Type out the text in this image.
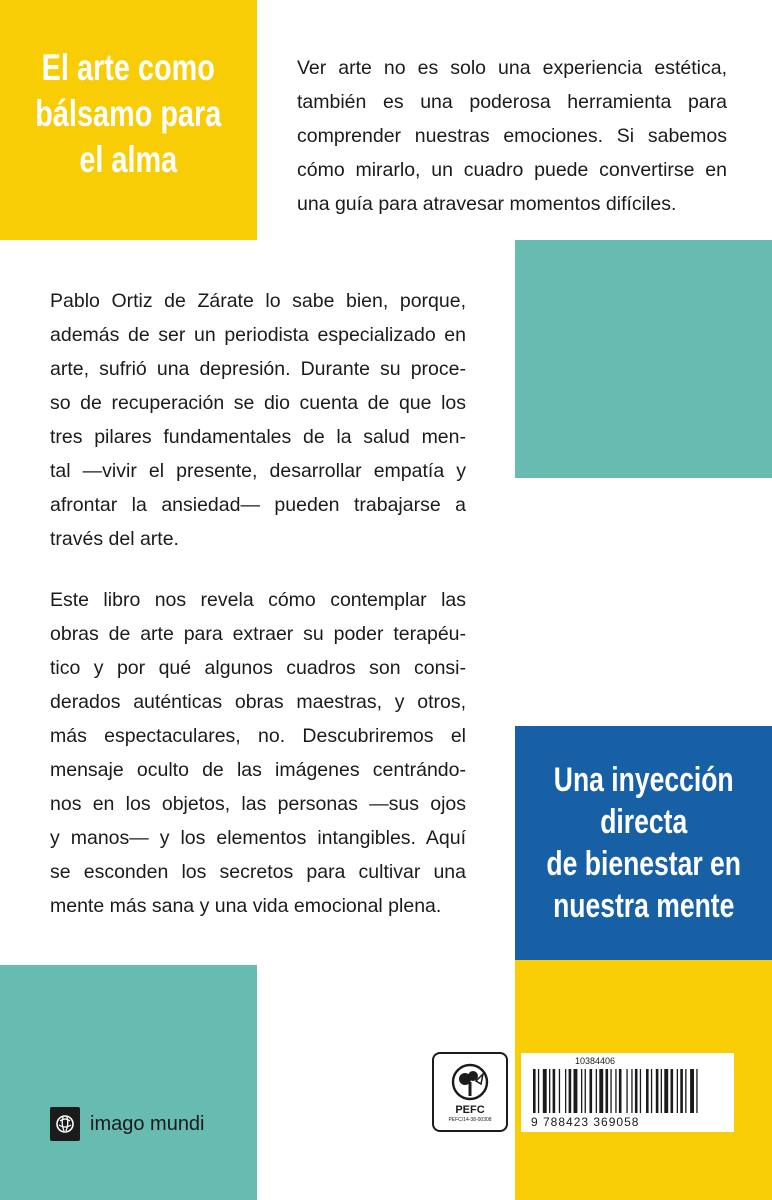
El arte como
bálsamo para
el alma
Ver arte no es solo una experiencia estética,
también es una poderosa herramienta para
comprender nuestras emociones. Si sabemos
cómo mirarlo, un cuadro puede convertirse en
una guía para atravesar momentos difíciles.
Pablo Ortiz de Zárate lo sabe bien, porque,
además de ser un periodista especializado en
arte, sufrió una depresión. Durante su proce-
so de recuperación se dio cuenta de que los
tres pilares fundamentales de la salud men-
tal —vivir el presente, desarrollar empatía y
afrontar la ansiedad— pueden trabajarse a
través del arte.
Este libro nos revela cómo contemplar las
obras de arte para extraer su poder terapéu-
tico y por qué algunos cuadros son consi-
derados auténticas obras maestras, y otros,
más espectaculares, no. Descubriremos el
mensaje oculto de las imágenes centrándo-
nos en los objetos, las personas —sus ojos
y manos— y los elementos intangibles. Aquí
se esconden los secretos para cultivar una
mente más sana y una vida emocional plena.
Una inyección
directa
de bienestar en
nuestra mente
imago mundi
PEFC
PEFC/14-38-00308
10384406
9 788423 369058
